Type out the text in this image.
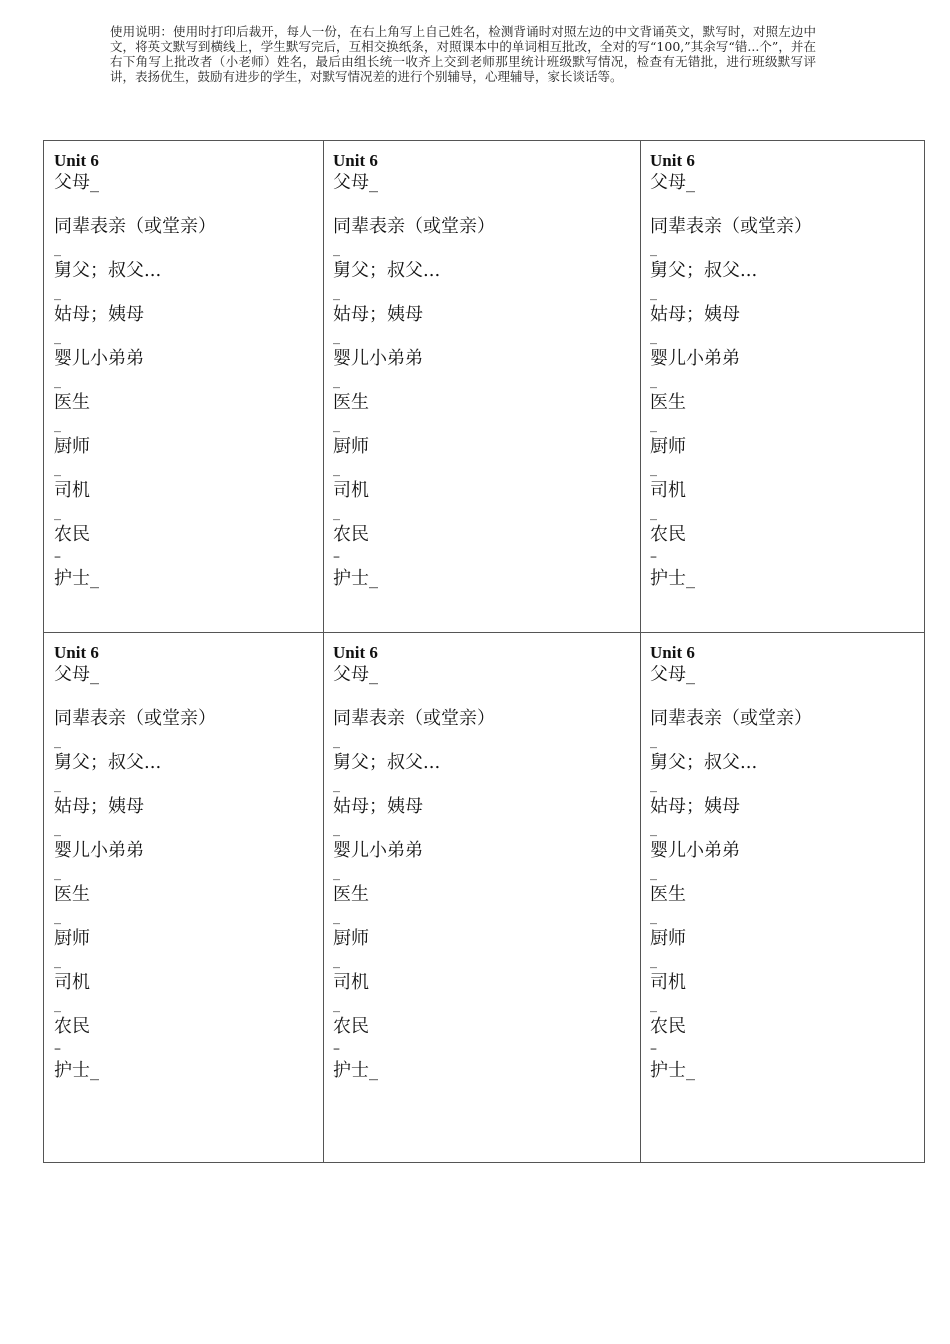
使用说明：使用时打印后裁开，每人一份，在右上角写上自己姓名，检测背诵时对照左边的中文背诵英文，默写时，对照左边中文，将英文默写到横线上，学生默写完后，互相交换纸条，对照课本中的单词相互批改，全对的写“100,”其余写“错...个”，并在右下角写上批改者（小老师）姓名，最后由组长统一收齐上交到老师那里统计班级默写情况，检查有无错批，进行班级默写评讲，表扬优生，鼓励有进步的学生，对默写情况差的进行个别辅导，心理辅导，家长谈话等。
Unit 6
父母_
同辈表亲（或堂亲）
_
舅父；叔父...
_
姑母；姨母
_
婴儿小弟弟
_
医生
_
厨师
_
司机
_
农民
–
护士_
Unit 6
父母_
同辈表亲（或堂亲）
_
舅父；叔父...
_
姑母；姨母
_
婴儿小弟弟
_
医生
_
厨师
_
司机
_
农民
–
护士_
Unit 6
父母_
同辈表亲（或堂亲）
_
舅父；叔父...
_
姑母；姨母
_
婴儿小弟弟
_
医生
_
厨师
_
司机
_
农民
–
护士_
Unit 6
父母_
同辈表亲（或堂亲）
_
舅父；叔父...
_
姑母；姨母
_
婴儿小弟弟
_
医生
_
厨师
_
司机
_
农民
–
护士_
Unit 6
父母_
同辈表亲（或堂亲）
_
舅父；叔父...
_
姑母；姨母
_
婴儿小弟弟
_
医生
_
厨师
_
司机
_
农民
–
护士_
Unit 6
父母_
同辈表亲（或堂亲）
_
舅父；叔父...
_
姑母；姨母
_
婴儿小弟弟
_
医生
_
厨师
_
司机
_
农民
–
护士_
